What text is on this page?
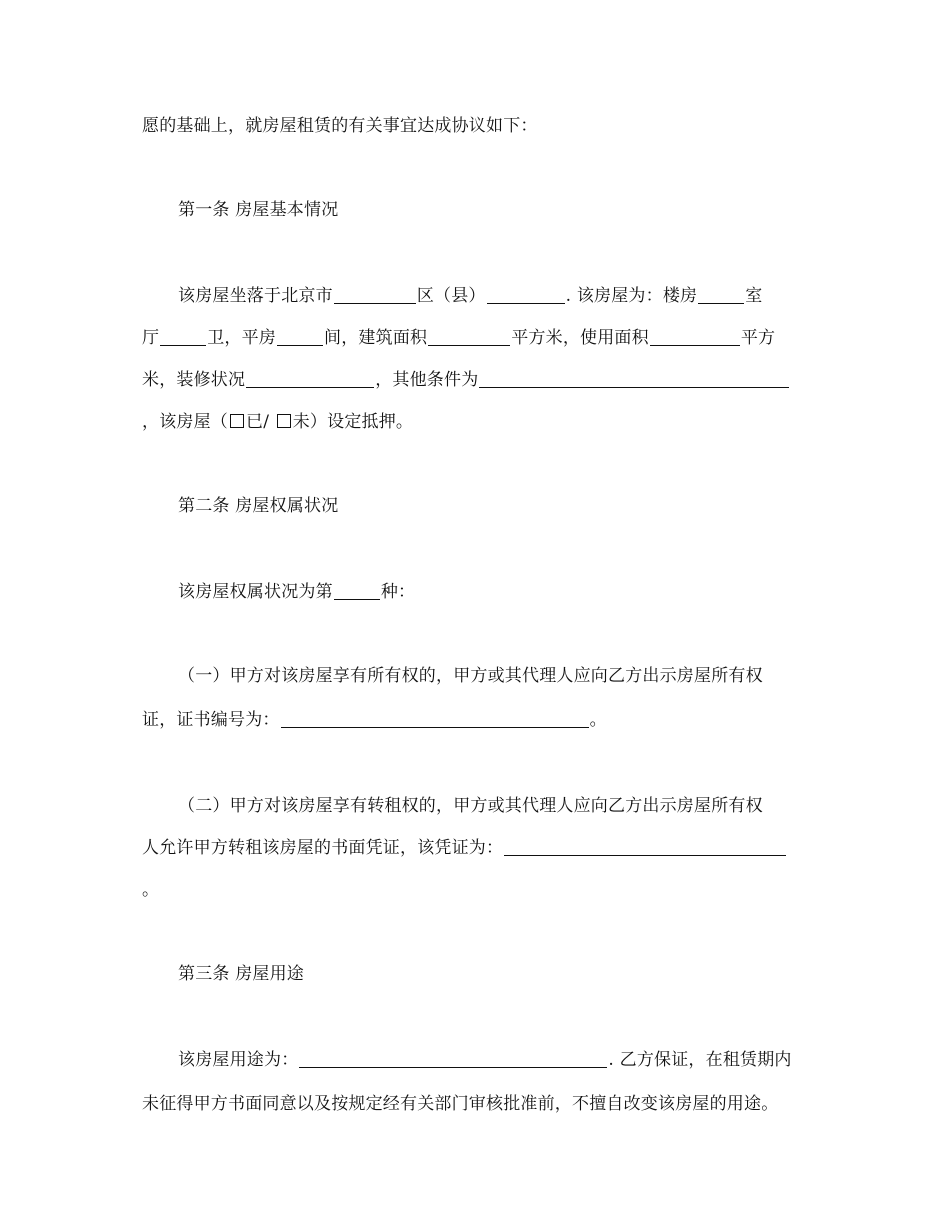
愿的基础上，就房屋租赁的有关事宜达成协议如下：
第一条 房屋基本情况
该房屋坐落于北京市	区（县）	. 该房屋为：楼房	室
厅	卫，平房	间，建筑面积	平方米，使用面积	平方
米，装修状况	，其他条件为
，该房屋（ 已/ 未）设定抵押。
第二条 房屋权属状况
该房屋权属状况为第	种：
（一）甲方对该房屋享有所有权的，甲方或其代理人应向乙方出示房屋所有权
证，证书编号为：	。
（二）甲方对该房屋享有转租权的，甲方或其代理人应向乙方出示房屋所有权
人允许甲方转租该房屋的书面凭证，该凭证为：
。
第三条 房屋用途
该房屋用途为：	. 乙方保证，在租赁期内
未征得甲方书面同意以及按规定经有关部门审核批准前，不擅自改变该房屋的用途。
